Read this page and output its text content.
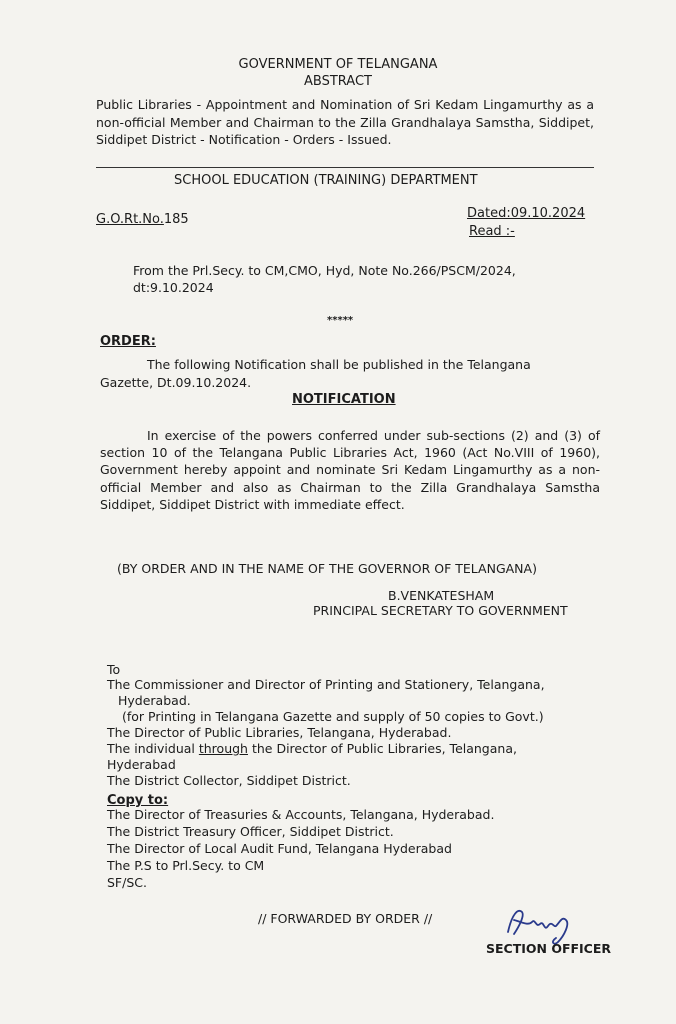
GOVERNMENT OF TELANGANA
ABSTRACT
Public Libraries - Appointment and Nomination of Sri Kedam Lingamurthy as a non-official Member and Chairman to the Zilla Grandhalaya Samstha, Siddipet, Siddipet District - Notification - Orders - Issued.
SCHOOL EDUCATION (TRAINING) DEPARTMENT
G.O.Rt.No.185	Dated:09.10.2024
Read :-
From the Prl.Secy. to CM,CMO, Hyd, Note No.266/PSCM/2024,
dt:9.10.2024
*****
ORDER:
The following Notification shall be published in the Telangana
Gazette, Dt.09.10.2024.
NOTIFICATION
In exercise of the powers conferred under sub-sections (2) and (3) of section 10 of the Telangana Public Libraries Act, 1960 (Act No.VIII of 1960), Government hereby appoint and nominate Sri Kedam Lingamurthy as a non-official Member and also as Chairman to the Zilla Grandhalaya Samstha Siddipet, Siddipet District with immediate effect.
(BY ORDER AND IN THE NAME OF THE GOVERNOR OF TELANGANA)
B.VENKATESHAM
PRINCIPAL SECRETARY TO GOVERNMENT
To
The Commissioner and Director of Printing and Stationery, Telangana,
Hyderabad.
(for Printing in Telangana Gazette and supply of 50 copies to Govt.)
The Director of Public Libraries, Telangana, Hyderabad.
The individual through the Director of Public Libraries, Telangana,
Hyderabad
The District Collector, Siddipet District.
Copy to:
The Director of Treasuries & Accounts, Telangana, Hyderabad.
The District Treasury Officer, Siddipet District.
The Director of Local Audit Fund, Telangana Hyderabad
The P.S to Prl.Secy. to CM
SF/SC.
// FORWARDED BY ORDER //
SECTION OFFICER
